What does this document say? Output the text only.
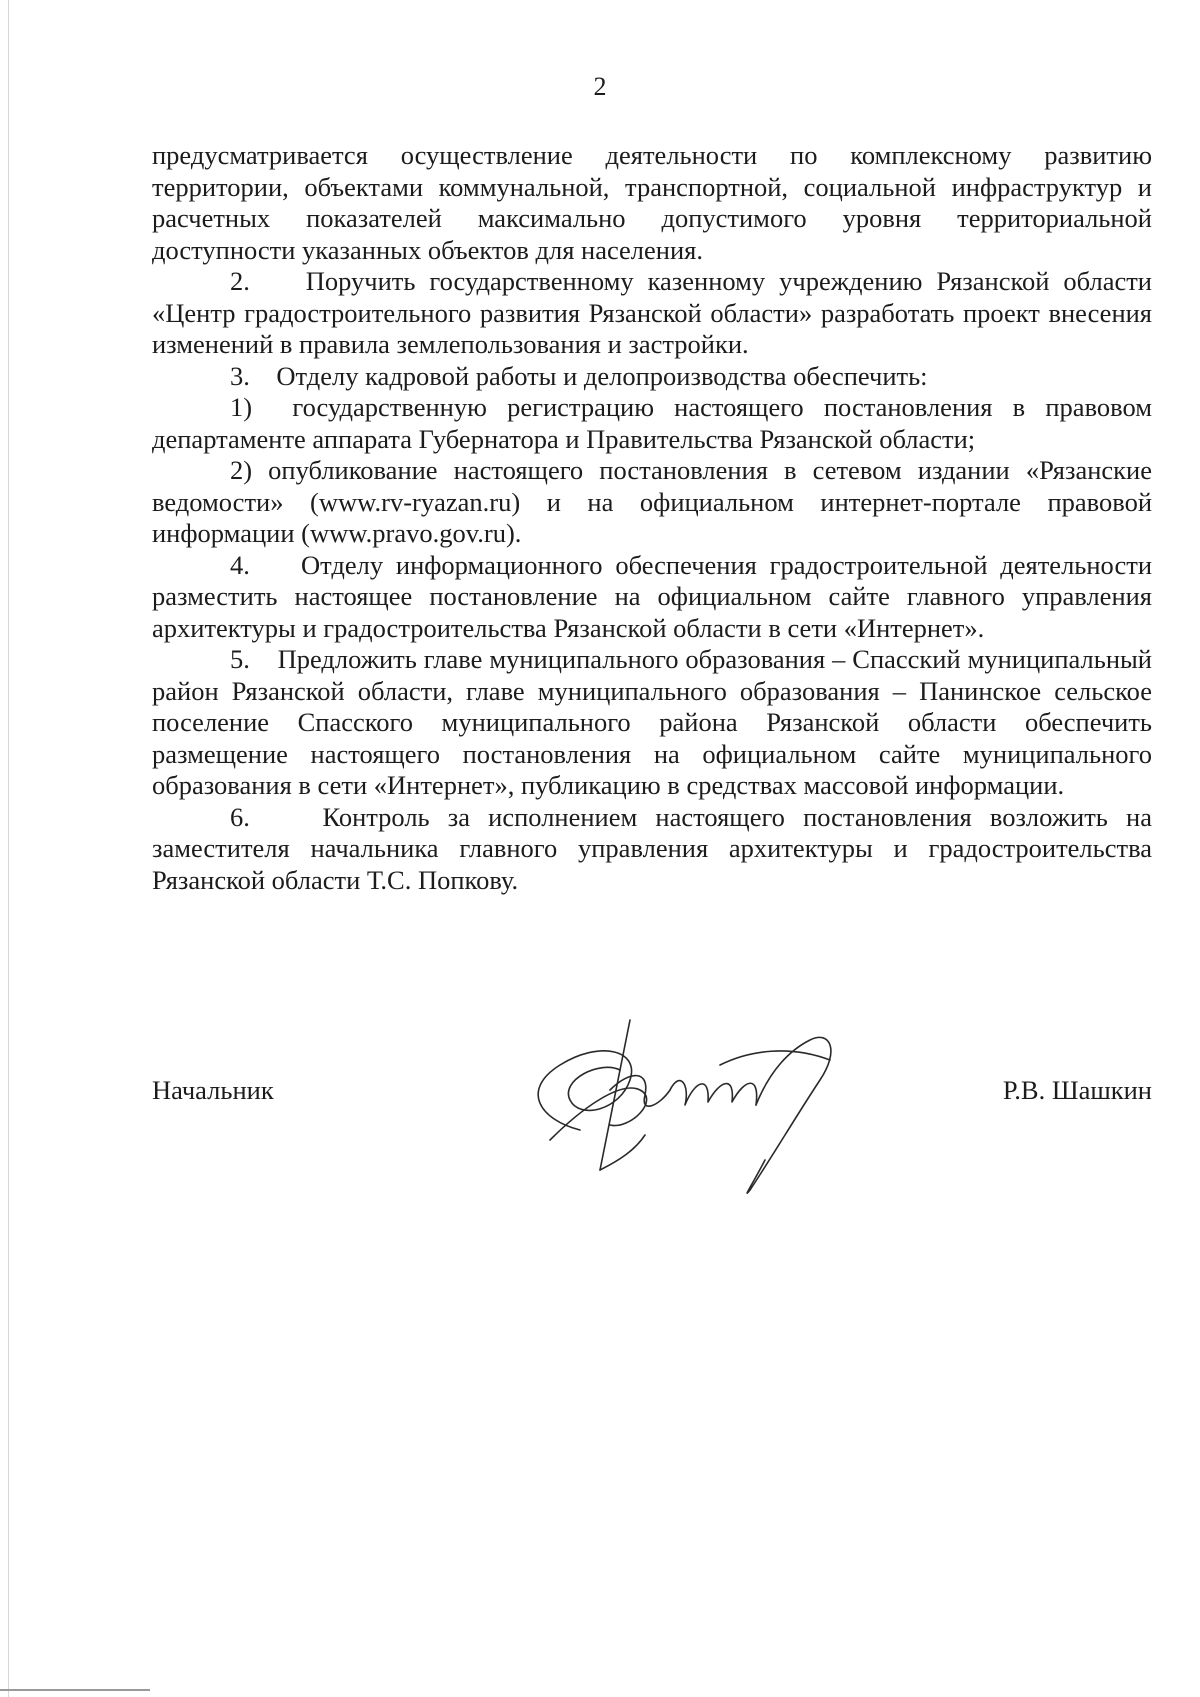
2

предусматривается осуществление деятельности по комплексному развитию территории, объектами коммунальной, транспортной, социальной инфраструктур и расчетных показателей максимально допустимого уровня территориальной доступности указанных объектов для населения.

2.    Поручить государственному казенному учреждению Рязанской области «Центр градостроительного развития Рязанской области» разработать проект внесения изменений в правила землепользования и застройки.

3.    Отделу кадровой работы и делопроизводства обеспечить:

1)  государственную регистрацию настоящего постановления в правовом департаменте аппарата Губернатора и Правительства Рязанской области;

2) опубликование настоящего постановления в сетевом издании «Рязанские ведомости» (www.rv-ryazan.ru) и на официальном интернет-портале правовой информации (www.pravo.gov.ru).

4.    Отделу информационного обеспечения градостроительной деятельности разместить настоящее постановление на официальном сайте главного управления архитектуры и градостроительства Рязанской области в сети «Интернет».

5.    Предложить главе муниципального образования – Спасский муниципальный район Рязанской области, главе муниципального образования – Панинское сельское поселение Спасского муниципального района Рязанской области обеспечить размещение настоящего постановления на официальном сайте муниципального образования в сети «Интернет», публикацию в средствах массовой информации.

6.    Контроль за исполнением настоящего постановления возложить на заместителя начальника главного управления архитектуры и градостроительства Рязанской области Т.С. Попкову.

Начальник	Р.В. Шашкин
